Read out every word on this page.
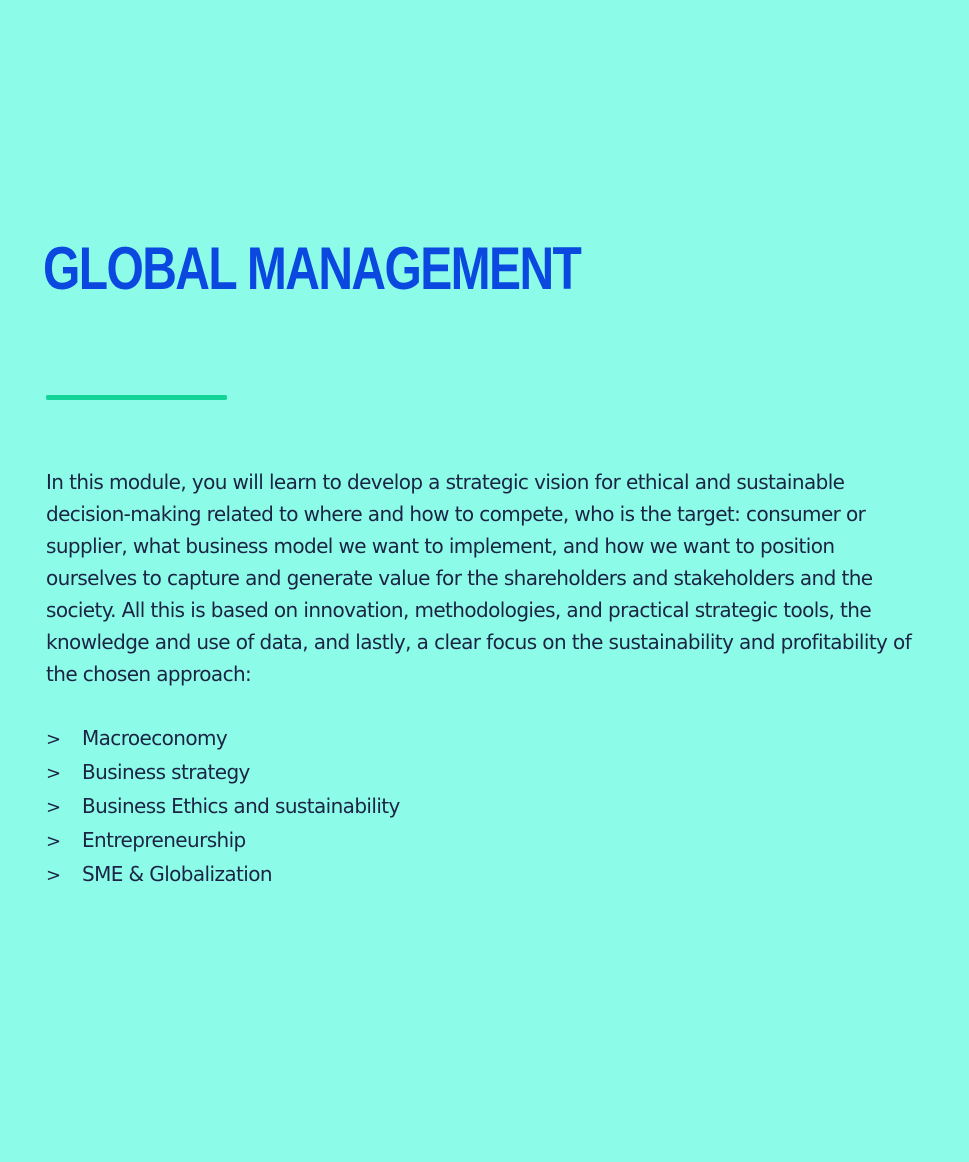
GLOBAL MANAGEMENT

In this module, you will learn to develop a strategic vision for ethical and sustainable decision-making related to where and how to compete, who is the target: consumer or supplier, what business model we want to implement, and how we want to position ourselves to capture and generate value for the shareholders and stakeholders and the society. All this is based on innovation, methodologies, and practical strategic tools, the knowledge and use of data, and lastly, a clear focus on the sustainability and profitability of the chosen approach:

>	Macroeconomy
>	Business strategy
>	Business Ethics and sustainability
>	Entrepreneurship
>	SME & Globalization
